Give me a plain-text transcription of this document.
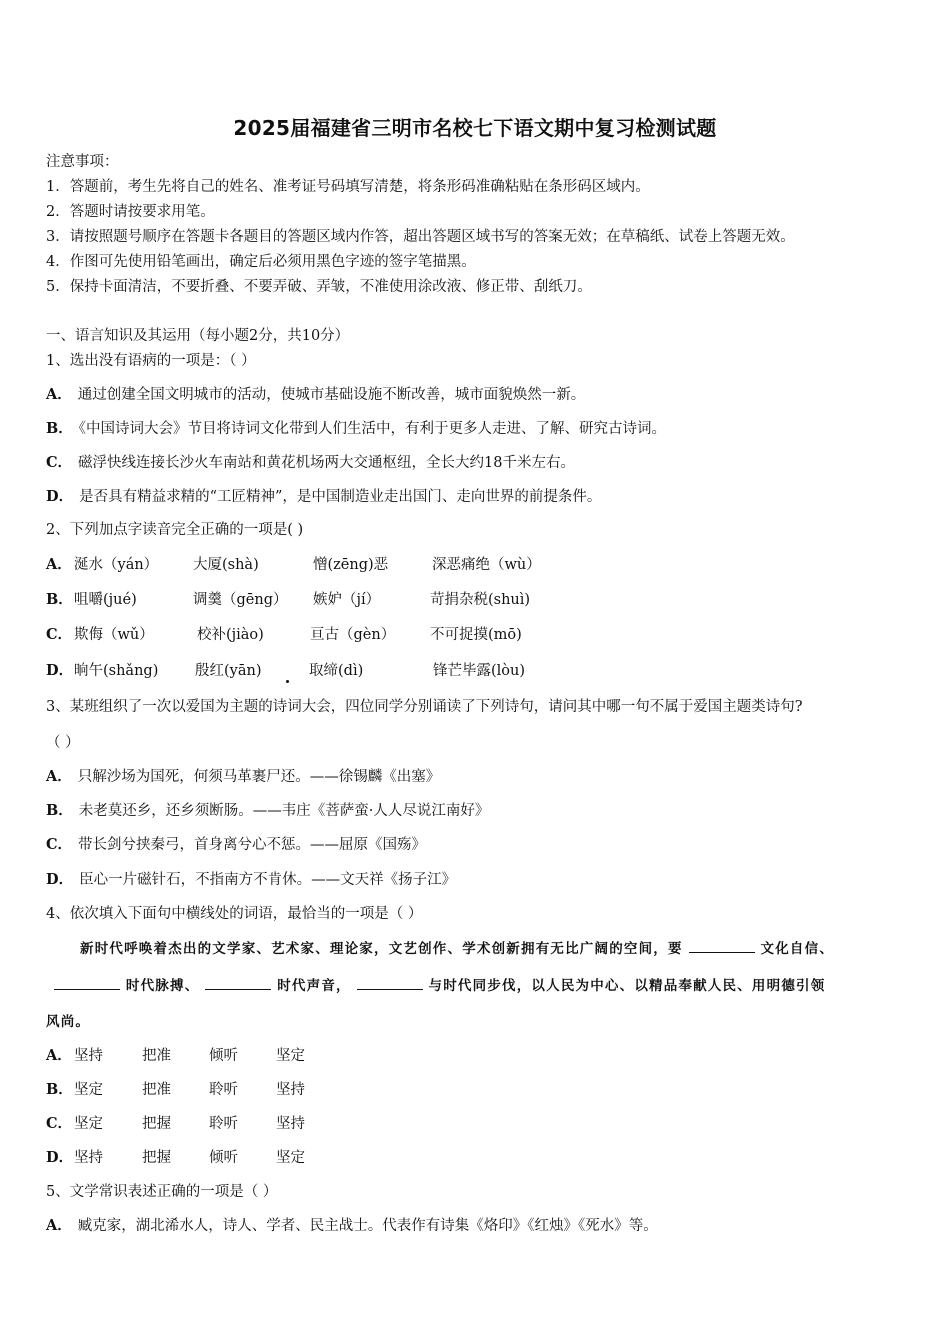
2025届福建省三明市名校七下语文期中复习检测试题
注意事项：
1．答题前，考生先将自己的姓名、准考证号码填写清楚，将条形码准确粘贴在条形码区域内。
2．答题时请按要求用笔。
3．请按照题号顺序在答题卡各题目的答题区域内作答，超出答题区域书写的答案无效；在草稿纸、试卷上答题无效。
4．作图可先使用铅笔画出，确定后必须用黑色字迹的签字笔描黑。
5．保持卡面清洁，不要折叠、不要弄破、弄皱，不准使用涂改液、修正带、刮纸刀。
一、语言知识及其运用（每小题2分，共10分）
1、选出没有语病的一项是：（ ）
A． 通过创建全国文明城市的活动，使城市基础设施不断改善，城市面貌焕然一新。
B． 《中国诗词大会》节目将诗词文化带到人们生活中，有利于更多人走进、了解、研究古诗词。
C． 磁浮快线连接长沙火车南站和黄花机场两大交通枢纽，全长大约18千米左右。
D． 是否具有精益求精的“工匠精神”，是中国制造业走出国门、走向世界的前提条件。
2、下列加点字读音完全正确的一项是( )
A． 涎水（yán） 大厦(shà)	憎(zēng)恶	深恶痛绝（wù）
B． 咀嚼(jué)	调羹（gēng） 嫉妒（jí）	苛捐杂税(shuì)
C． 欺侮（wǔ）	校补(jiào)	亘古（gèn） 不可捉摸(mō)
D． 晌午(shǎng)	殷红(yān)	取缔(dì)	锋芒毕露(lòu)
3、某班组织了一次以爱国为主题的诗词大会，四位同学分别诵读了下列诗句，请问其中哪一句不属于爱国主题类诗句?
（ ）
A． 只解沙场为国死，何须马革裹尸还。——徐锡麟《出塞》
B． 未老莫还乡，还乡须断肠。——韦庄《菩萨蛮·人人尽说江南好》
C． 带长剑兮挟秦弓，首身离兮心不惩。——屈原《国殇》
D． 臣心一片磁针石，不指南方不肯休。——文天祥《扬子江》
4、依次填入下面句中横线处的词语，最恰当的一项是（ ）
新时代呼唤着杰出的文学家、艺术家、理论家，文艺创作、学术创新拥有无比广阔的空间，要	文化自信、
时代脉搏、	时代声音，	与时代同步伐，以人民为中心、以精品奉献人民、用明德引领
风尚。
A． 坚持	把准	倾听	坚定
B． 坚定	把准	聆听	坚持
C． 坚定	把握	聆听	坚持
D． 坚持	把握	倾听	坚定
5、文学常识表述正确的一项是（ ）
A． 臧克家，湖北浠水人，诗人、学者、民主战士。代表作有诗集《烙印》《红烛》《死水》等。
